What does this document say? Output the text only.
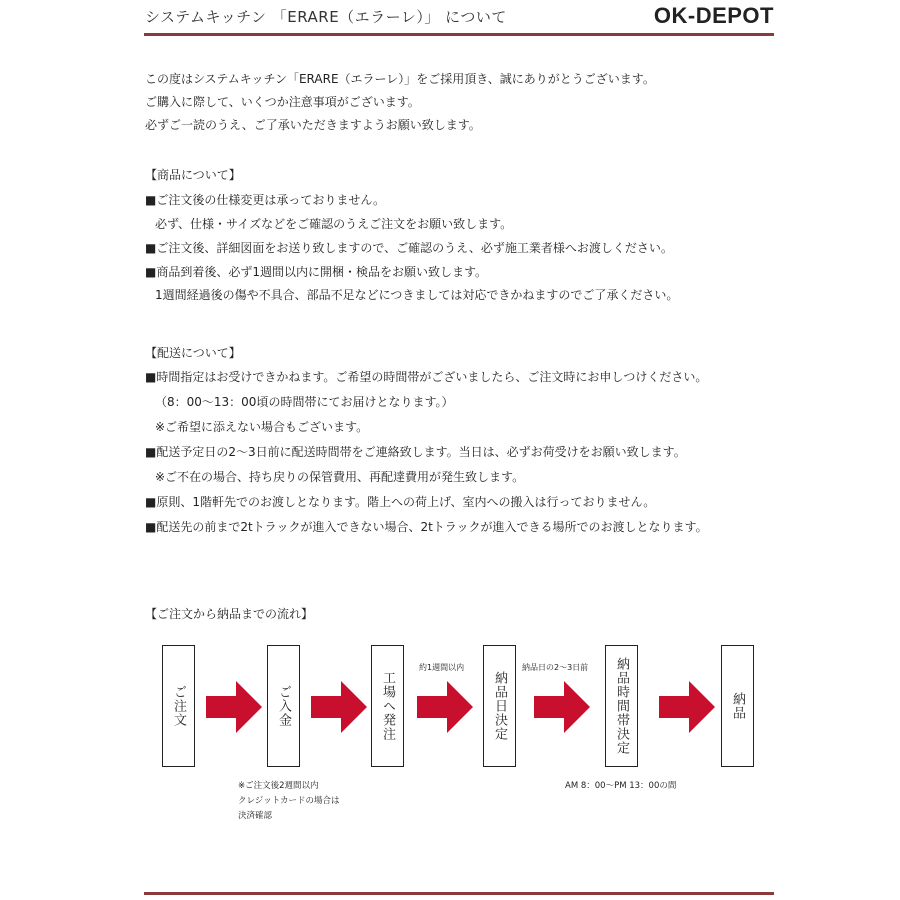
システムキッチン 「ERARE（エラーレ）」 について	OK-DEPOT
この度はシステムキッチン「ERARE（エラーレ）」をご採用頂き、誠にありがとうございます。
ご購入に際して、いくつか注意事項がございます。
必ずご一読のうえ、ご了承いただきますようお願い致します。
【商品について】
■ご注文後の仕様変更は承っておりません。
必ず、仕様・サイズなどをご確認のうえご注文をお願い致します。
■ご注文後、詳細図面をお送り致しますので、ご確認のうえ、必ず施工業者様へお渡しください。
■商品到着後、必ず1週間以内に開梱・検品をお願い致します。
1週間経過後の傷や不具合、部品不足などにつきましては対応できかねますのでご了承ください。
【配送について】
■時間指定はお受けできかねます。ご希望の時間帯がございましたら、ご注文時にお申しつけください。
（8：00～13：00頃の時間帯にてお届けとなります。）
※ご希望に添えない場合もございます。
■配送予定日の2～3日前に配送時間帯をご連絡致します。当日は、必ずお荷受けをお願い致します。
※ご不在の場合、持ち戻りの保管費用、再配達費用が発生致します。
■原則、1階軒先でのお渡しとなります。階上への荷上げ、室内への搬入は行っておりません。
■配送先の前まで2tトラックが進入できない場合、2tトラックが進入できる場所でのお渡しとなります。
【ご注文から納品までの流れ】
ご注文	ご入金	工場へ発注	納品日決定	納品時間帯決定	納品
約1週間以内	納品日の2～3日前
※ご注文後2週間以内
クレジットカードの場合は
決済確認
AM 8：00～PM 13：00の間
